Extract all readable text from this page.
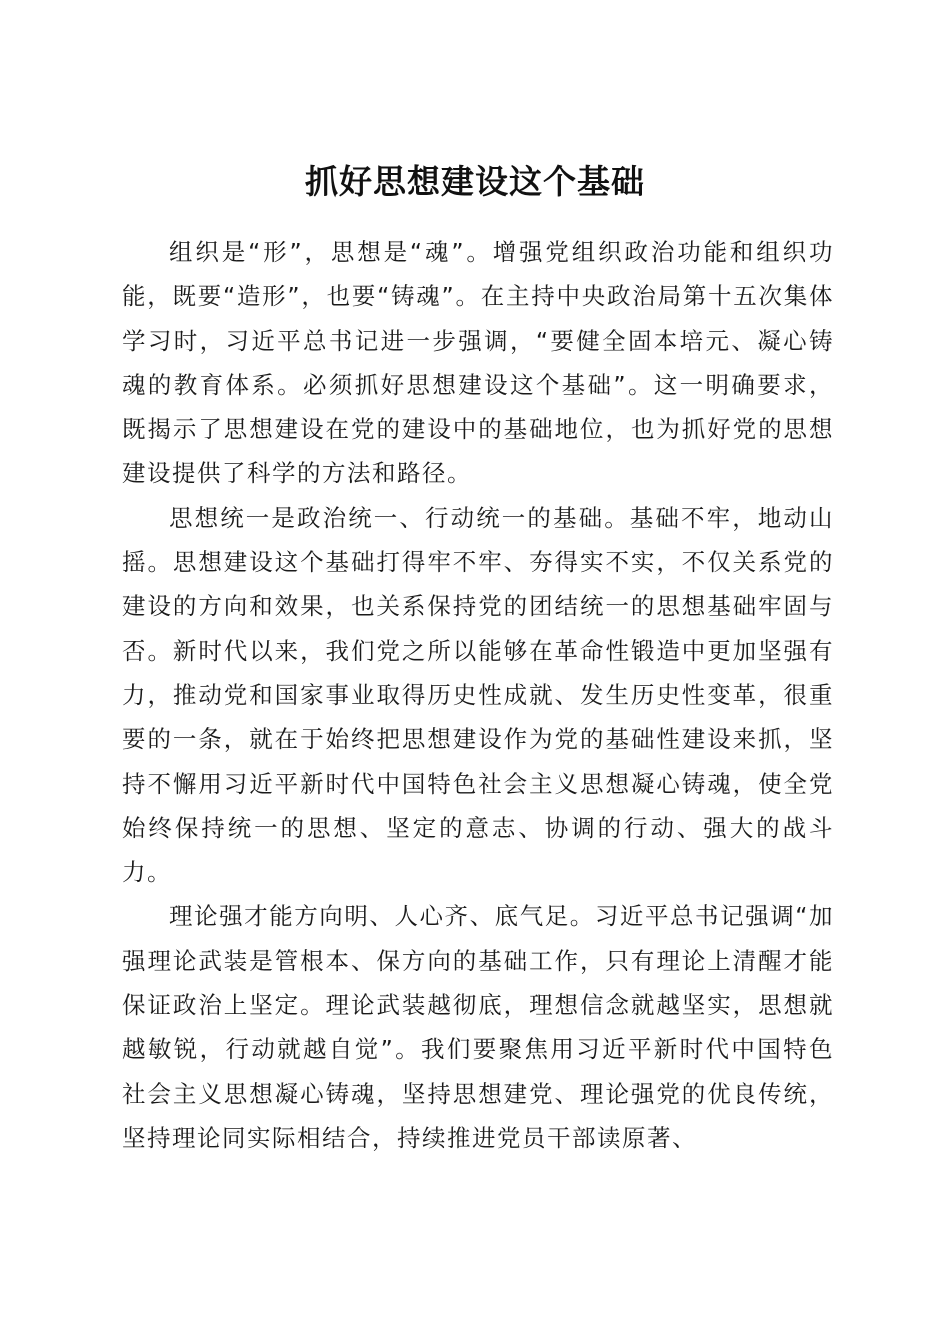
抓好思想建设这个基础

组织是“形”，思想是“魂”。增强党组织政治功能和组织功能，既要“造形”，也要“铸魂”。在主持中央政治局第十五次集体学习时，习近平总书记进一步强调，“要健全固本培元、凝心铸魂的教育体系。必须抓好思想建设这个基础”。这一明确要求，既揭示了思想建设在党的建设中的基础地位，也为抓好党的思想建设提供了科学的方法和路径。

思想统一是政治统一、行动统一的基础。基础不牢，地动山摇。思想建设这个基础打得牢不牢、夯得实不实，不仅关系党的建设的方向和效果，也关系保持党的团结统一的思想基础牢固与否。新时代以来，我们党之所以能够在革命性锻造中更加坚强有力，推动党和国家事业取得历史性成就、发生历史性变革，很重要的一条，就在于始终把思想建设作为党的基础性建设来抓，坚持不懈用习近平新时代中国特色社会主义思想凝心铸魂，使全党始终保持统一的思想、坚定的意志、协调的行动、强大的战斗力。

理论强才能方向明、人心齐、底气足。习近平总书记强调“加强理论武装是管根本、保方向的基础工作，只有理论上清醒才能保证政治上坚定。理论武装越彻底，理想信念就越坚实，思想就越敏锐，行动就越自觉”。我们要聚焦用习近平新时代中国特色社会主义思想凝心铸魂，坚持思想建党、理论强党的优良传统，坚持理论同实际相结合，持续推进党员干部读原著、
